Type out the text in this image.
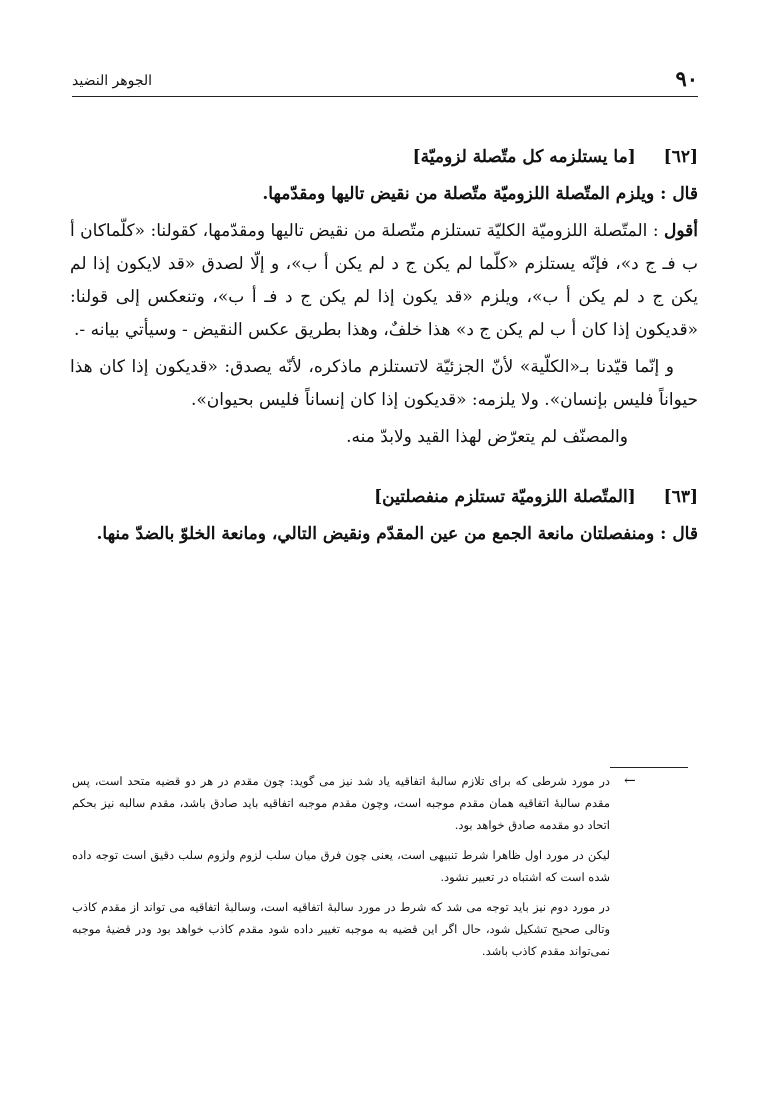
٩٠
الجوهر النضيد
[٦٢] [ما يستلزمه كل متّصلة لزوميّة]

قال : ويلزم المتّصلة اللزوميّة متّصلة من نقيض تاليها ومقدّمها.

أقول : المتّصلة اللزوميّة الكليّة تستلزم متّصلة من نقيض تاليها ومقدّمها، كقولنا: «كلّماكان أ ب فـ ج د»، فإنّه يستلزم «كلّما لم يكن ج د لم يكن أ ب»، و إلّا لصدق «قد لايكون إذا لم يكن ج د لم يكن أ ب»، ويلزم «قد يكون إذا لم يكن ج د فـ أ ب»، وتنعكس إلى قولنا: «قديكون إذا كان أ ب لم يكن ج د» هذا خلفٌ، وهذا بطريق عكس النقيض - وسيأتي بيانه -.

و إنّما قيّدنا بـ«الكلّية» لأنّ الجزئيّة لاتستلزم ماذكره، لأنّه يصدق: «قديكون إذا كان هذا حيواناً فليس بإنسان». ولا يلزمه: «قديكون إذا كان إنساناً فليس بحيوان».

والمصنّف لم يتعرّض لهذا القيد ولابدّ منه.

[٦٣] [المتّصلة اللزوميّة تستلزم منفصلتين]

قال : ومنفصلتان مانعة الجمع من عين المقدّم ونقيض التالي، ومانعة الخلوّ بالضدّ منها.

←

در مورد شرطی که برای تلازم سالبهٔ اتفاقیه یاد شد نیز می گوید: چون مقدم در هر دو قضیه متحد است، پس مقدم سالبهٔ اتفاقیه همان مقدم موجبه است، وچون مقدم موجبه اتفاقیه باید صادق باشد، مقدم سالبه نیز بحکم اتحاد دو مقدمه صادق خواهد بود.

لیکن در مورد اول ظاهرا شرط تنبیهی است، یعنی چون فرق میان سلب لزوم ولزوم سلب دقیق است توجه داده شده است که اشتباه در تعبیر نشود.

در مورد دوم نیز باید توجه می شد که شرط در مورد سالبهٔ اتفاقیه است، وسالبهٔ اتفاقیه می تواند از مقدم کاذب وتالی صحیح تشکیل شود، حال اگر این قضیه به موجبه تغییر داده شود مقدم کاذب خواهد بود ودر قضیهٔ موجبه نمی‌تواند مقدم کاذب باشد.
